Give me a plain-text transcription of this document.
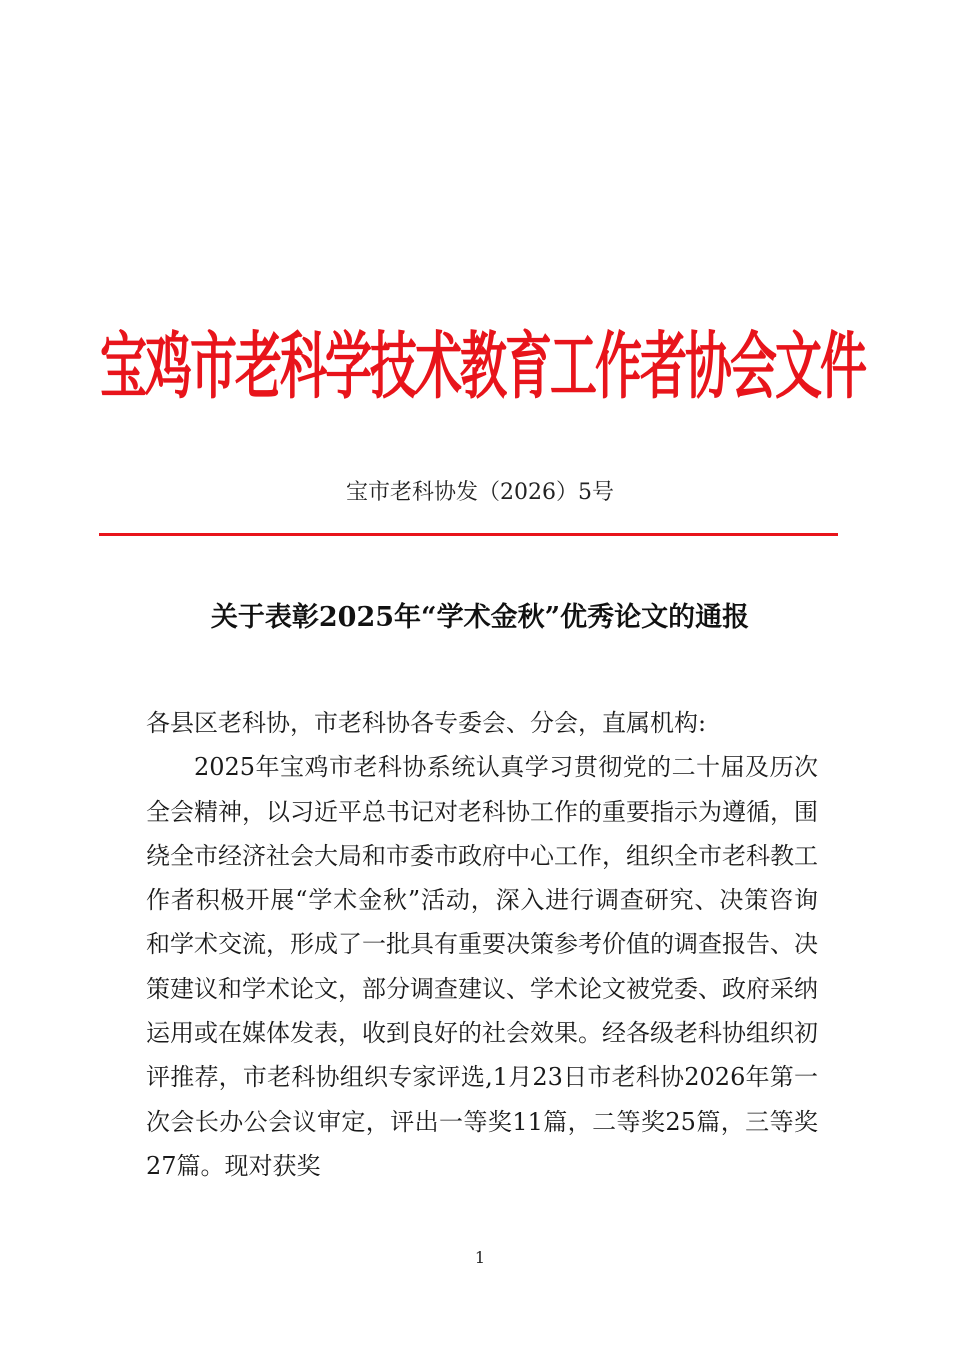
宝鸡市老科学技术教育工作者协会文件
宝市老科协发（2026）5号
关于表彰2025年“学术金秋”优秀论文的通报

各县区老科协，市老科协各专委会、分会，直属机构:

2025年宝鸡市老科协系统认真学习贯彻党的二十届及历次全会精神，以习近平总书记对老科协工作的重要指示为遵循，围绕全市经济社会大局和市委市政府中心工作，组织全市老科教工作者积极开展“学术金秋”活动，深入进行调查研究、决策咨询和学术交流，形成了一批具有重要决策参考价值的调查报告、决策建议和学术论文，部分调查建议、学术论文被党委、政府采纳运用或在媒体发表，收到良好的社会效果。经各级老科协组织初评推荐，市老科协组织专家评选,1月23日市老科协2026年第一次会长办公会议审定，评出一等奖11篇，二等奖25篇，三等奖27篇。现对获奖

1
